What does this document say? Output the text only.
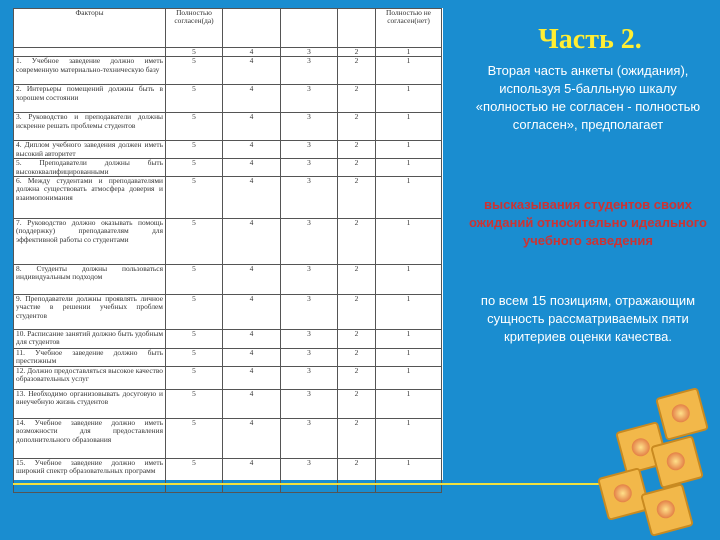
Факторы	Полностью согласен(да)				Полностью не согласен(нет)
	5	4	3	2	1
1. Учебное заведение должно иметь современную материально-техническую базу	5	4	3	2	1
2. Интерьеры помещений должны быть в хорошем состоянии	5	4	3	2	1
3. Руководство и преподаватели должны искренне решать проблемы студентов	5	4	3	2	1
4. Диплом учебного заведения должен иметь высокий авторитет	5	4	3	2	1
5. Преподаватели должны быть высококвалифицированными	5	4	3	2	1
6. Между студентами и преподавателями должна существовать атмосфера доверия и взаимопонимания	5	4	3	2	1
7. Руководство должно оказывать помощь (поддержку) преподавателям для эффективной работы со студентами	5	4	3	2	1
8. Студенты должны пользоваться индивидуальным подходом	5	4	3	2	1
9. Преподаватели должны проявлять личное участие в решении учебных проблем студентов	5	4	3	2	1
10. Расписание занятий должно быть удобным для студентов	5	4	3	2	1
11. Учебное заведение должно быть престижным	5	4	3	2	1
12. Должно предоставляться высокое качество образовательных услуг	5	4	3	2	1
13. Необходимо организовывать досуговую и внеучебную жизнь студентов	5	4	3	2	1
14. Учебное заведение должно иметь возможности для предоставления дополнительного образования	5	4	3	2	1
15. Учебное заведение должно иметь широкий спектр образовательных программ	5	4	3	2	1
Часть 2.
Вторая часть анкеты (ожидания), используя 5-балльную шкалу «полностью не согласен - полностью согласен», предполагает
высказывания студентов своих ожиданий относительно идеального учебного заведения
по всем 15 позициям, отражающим сущность рассматриваемых пяти критериев оценки качества.
